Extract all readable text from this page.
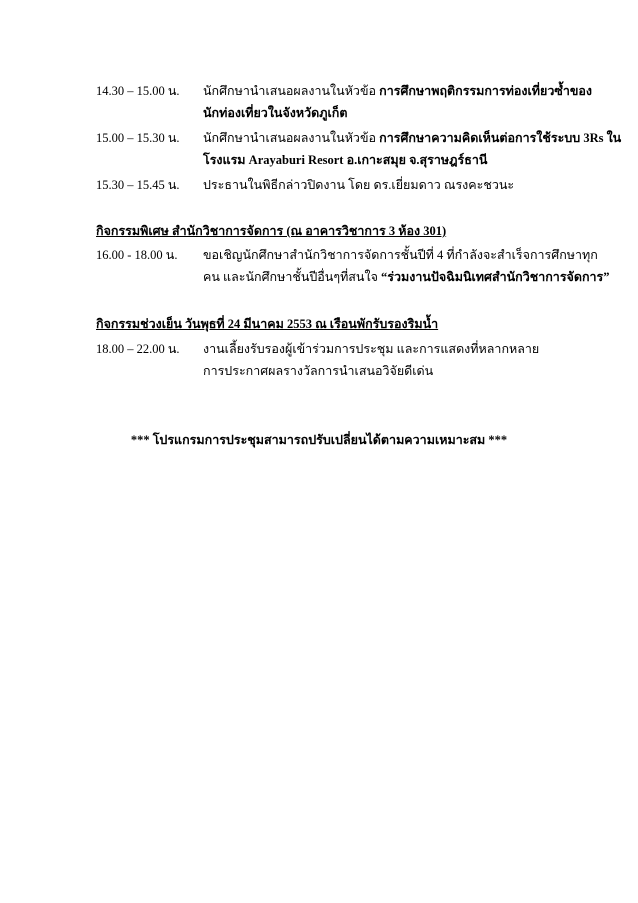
14.30 – 15.00 น.	นักศึกษานำเสนอผลงานในหัวข้อ การศึกษาพฤติกรรมการท่องเที่ยวซ้ำของ
นักท่องเที่ยวในจังหวัดภูเก็ต
15.00 – 15.30 น.	นักศึกษานำเสนอผลงานในหัวข้อ การศึกษาความคิดเห็นต่อการใช้ระบบ 3Rs ใน
โรงแรม Arayaburi Resort อ.เกาะสมุย จ.สุราษฎร์ธานี
15.30 – 15.45 น.	ประธานในพิธีกล่าวปิดงาน โดย ดร.เยี่ยมดาว ณรงคะชวนะ
กิจกรรมพิเศษ สำนักวิชาการจัดการ (ณ อาคารวิชาการ 3 ห้อง 301)
16.00 - 18.00 น.	ขอเชิญนักศึกษาสำนักวิชาการจัดการชั้นปีที่ 4 ที่กำลังจะสำเร็จการศึกษาทุก
คน และนักศึกษาชั้นปีอื่นๆที่สนใจ “ร่วมงานปัจฉิมนิเทศสำนักวิชาการจัดการ”
กิจกรรมช่วงเย็น วันพุธที่ 24 มีนาคม 2553 ณ เรือนพักรับรองริมน้ำ
18.00 – 22.00 น.	งานเลี้ยงรับรองผู้เข้าร่วมการประชุม และการแสดงที่หลากหลาย
การประกาศผลรางวัลการนำเสนอวิจัยดีเด่น
*** โปรแกรมการประชุมสามารถปรับเปลี่ยนได้ตามความเหมาะสม ***
